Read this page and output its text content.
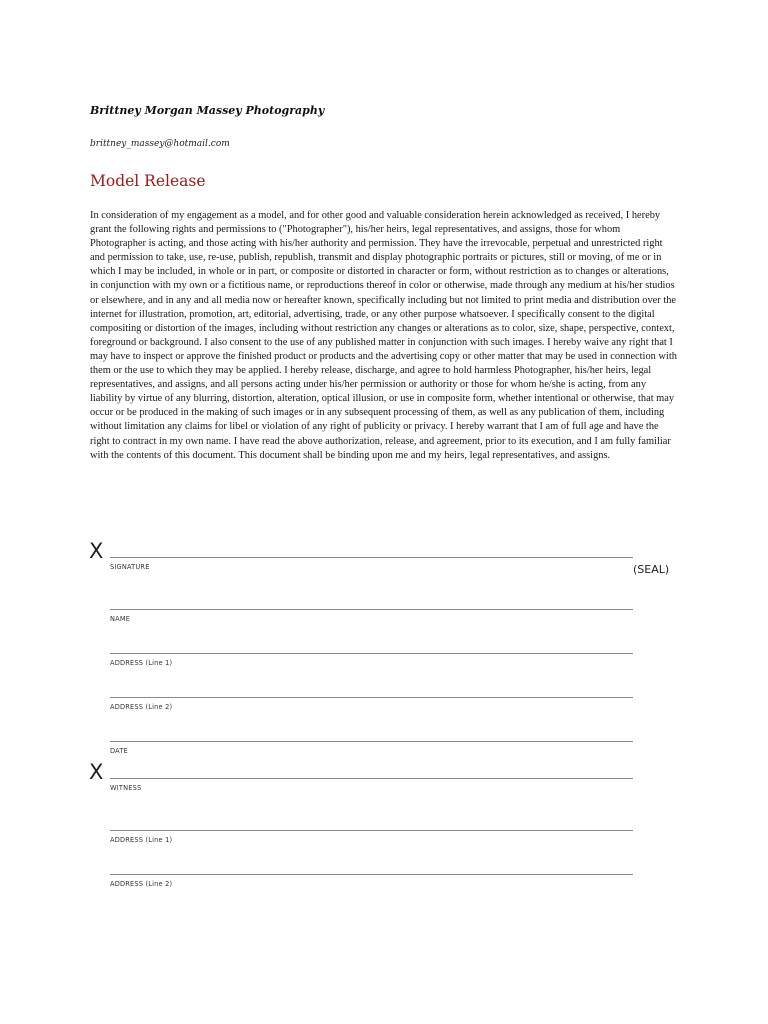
Brittney Morgan Massey Photography
brittney_massey@hotmail.com
Model Release
In consideration of my engagement as a model, and for other good and valuable consideration herein acknowledged as received, I hereby grant the following rights and permissions to ("Photographer"), his/her heirs, legal representatives, and assigns, those for whom Photographer is acting, and those acting with his/her authority and permission. They have the irrevocable, perpetual and unrestricted right and permission to take, use, re-use, publish, republish, transmit and display photographic portraits or pictures, still or moving, of me or in which I may be included, in whole or in part, or composite or distorted in character or form, without restriction as to changes or alterations, in conjunction with my own or a fictitious name, or reproductions thereof in color or otherwise, made through any medium at his/her studios or elsewhere, and in any and all media now or hereafter known, specifically including but not limited to print media and distribution over the internet for illustration, promotion, art, editorial, advertising, trade, or any other purpose whatsoever. I specifically consent to the digital compositing or distortion of the images, including without restriction any changes or alterations as to color, size, shape, perspective, context, foreground or background. I also consent to the use of any published matter in conjunction with such images. I hereby waive any right that I may have to inspect or approve the finished product or products and the advertising copy or other matter that may be used in connection with them or the use to which they may be applied. I hereby release, discharge, and agree to hold harmless Photographer, his/her heirs, legal representatives, and assigns, and all persons acting under his/her permission or authority or those for whom he/she is acting, from any liability by virtue of any blurring, distortion, alteration, optical illusion, or use in composite form, whether intentional or otherwise, that may occur or be produced in the making of such images or in any subsequent processing of them, as well as any publication of them, including without limitation any claims for libel or violation of any right of publicity or privacy. I hereby warrant that I am of full age and have the right to contract in my own name. I have read the above authorization, release, and agreement, prior to its execution, and I am fully familiar with the contents of this document. This document shall be binding upon me and my heirs, legal representatives, and assigns.
X
SIGNATURE	(SEAL)
NAME
ADDRESS (Line 1)
ADDRESS (Line 2)
DATE
X
WITNESS
ADDRESS (Line 1)
ADDRESS (Line 2)
